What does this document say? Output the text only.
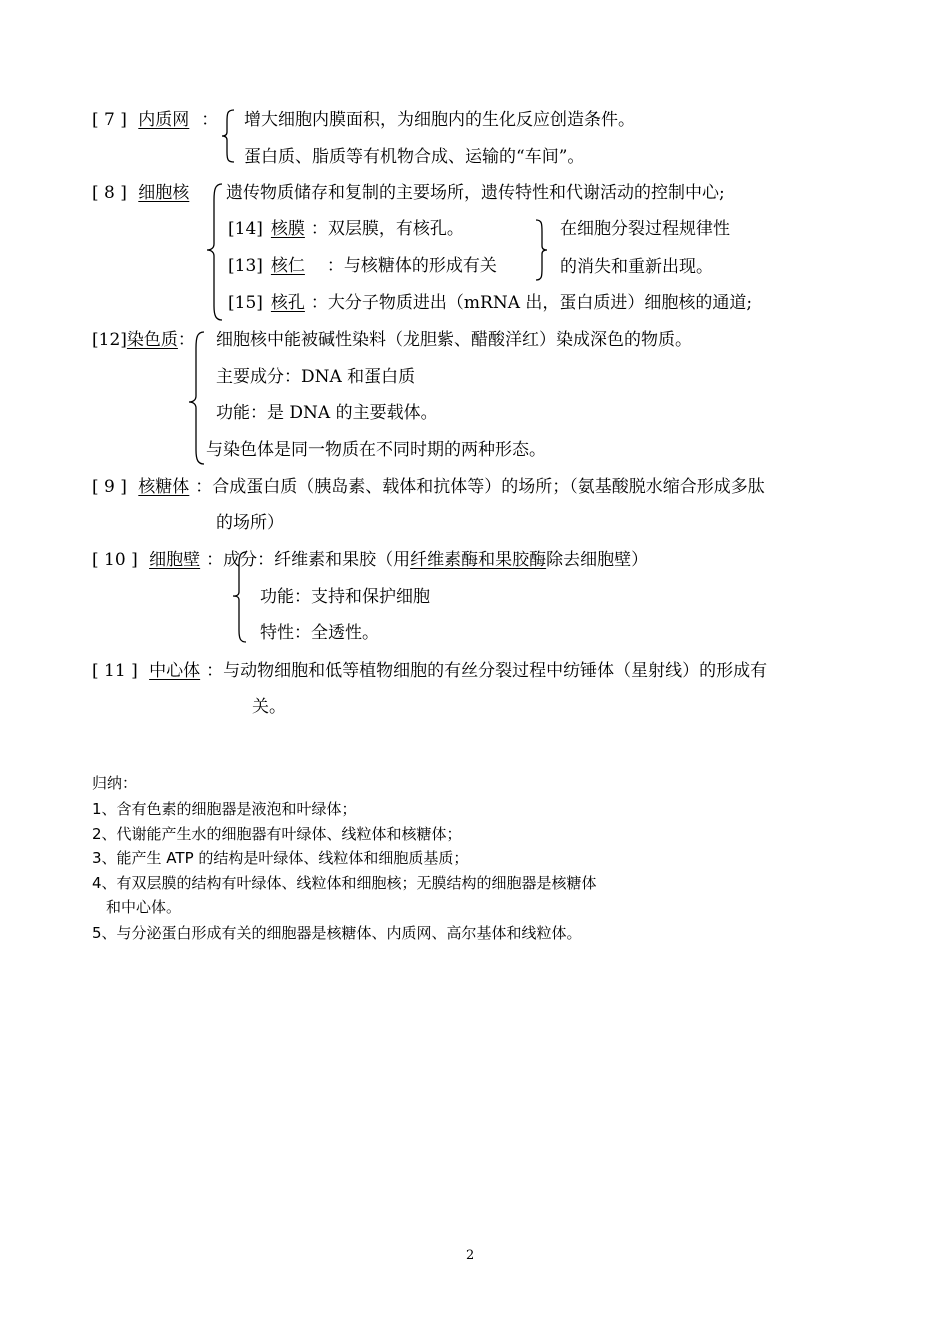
[ 7 ] 内质网 ： 增大细胞内膜面积，为细胞内的生化反应创造条件。
蛋白质、脂质等有机物合成、运输的“车间”。
[ 8 ] 细胞核 遗传物质储存和复制的主要场所，遗传特性和代谢活动的控制中心;
[14] 核膜 ：双层膜，有核孔。
[13] 核仁 ：与核糖体的形成有关
在细胞分裂过程规律性
的消失和重新出现。
[15] 核孔 ：大分子物质进出（mRNA 出，蛋白质进）细胞核的通道;
[12]染色质： 细胞核中能被碱性染料（龙胆紫、醋酸洋红）染成深色的物质。
主要成分：DNA 和蛋白质
功能：是 DNA 的主要载体。
与染色体是同一物质在不同时期的两种形态。
[ 9 ] 核糖体 ：合成蛋白质（胰岛素、载体和抗体等）的场所；（氨基酸脱水缩合形成多肽
的场所）
[ 10 ] 细胞壁 ：成分：纤维素和果胶（用纤维素酶和果胶酶除去细胞壁）
功能：支持和保护细胞
特性：全透性。
[ 11 ] 中心体 ：与动物细胞和低等植物细胞的有丝分裂过程中纺锤体（星射线）的形成有
关。
归纳：
1、含有色素的细胞器是液泡和叶绿体；
2、代谢能产生水的细胞器有叶绿体、线粒体和核糖体；
3、能产生 ATP 的结构是叶绿体、线粒体和细胞质基质；
4、有双层膜的结构有叶绿体、线粒体和细胞核；无膜结构的细胞器是核糖体
和中心体。
5、与分泌蛋白形成有关的细胞器是核糖体、内质网、高尔基体和线粒体。
2
